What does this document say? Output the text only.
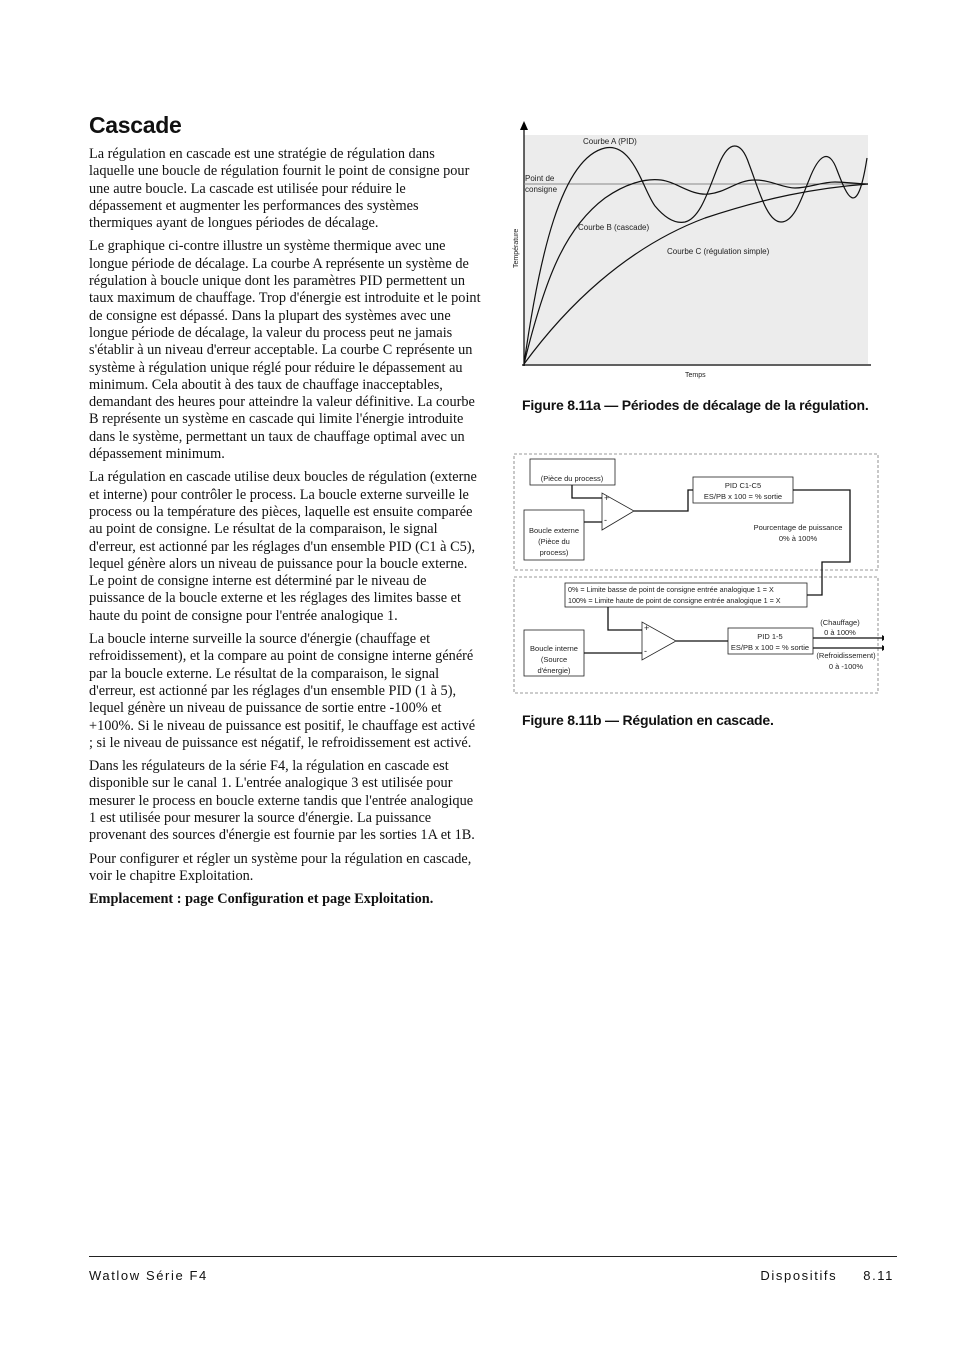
Cascade

La régulation en cascade est une stratégie de régulation dans laquelle une boucle de régulation fournit le point de consigne pour une autre boucle. La cascade est utilisée pour réduire le dépassement et augmenter les performances des systèmes thermiques ayant de longues périodes de décalage.

Le graphique ci-contre illustre un système thermique avec une longue période de décalage. La courbe A représente un système de régulation à boucle unique dont les paramètres PID permettent un taux maximum de chauffage. Trop d'énergie est introduite et le point de consigne est dépassé. Dans la plupart des systèmes avec une longue période de décalage, la valeur du process peut ne jamais s'établir à un niveau d'erreur acceptable. La courbe C représente un système à régulation unique réglé pour réduire le dépassement au minimum. Cela aboutit à des taux de chauffage inacceptables, demandant des heures pour atteindre la valeur définitive. La courbe B représente un système en cascade qui limite l'énergie introduite dans le système, permettant un taux de chauffage optimal avec un dépassement minimum.

La régulation en cascade utilise deux boucles de régulation (externe et interne) pour contrôler le process. La boucle externe surveille le process ou la température des pièces, laquelle est ensuite comparée au point de consigne. Le résultat de la comparaison, le signal d'erreur, est actionné par les réglages d'un ensemble PID (C1 à C5), lequel génère alors un niveau de puissance pour la boucle externe. Le point de consigne interne est déterminé par le niveau de puissance de la boucle externe et les réglages des limites basse et haute du point de consigne pour l'entrée analogique 1.

La boucle interne surveille la source d'énergie (chauffage et refroidissement), et la compare au point de consigne interne généré par la boucle externe. Le résultat de la comparaison, le signal d'erreur, est actionné par les réglages d'un ensemble PID (1 à 5), lequel génère un niveau de puissance de sortie entre -100% et +100%. Si le niveau de puissance est positif, le chauffage est activé ; si le niveau de puissance est négatif, le refroidissement est activé.

Dans les régulateurs de la série F4, la régulation en cascade est disponible sur le canal 1. L'entrée analogique 3 est utilisée pour mesurer le process en boucle externe tandis que l'entrée analogique 1 est utilisée pour mesurer la source d'énergie. La puissance provenant des sources d'énergie est fournie par les sorties 1A et 1B.

Pour configurer et régler un système pour la régulation en cascade, voir le chapitre Exploitation.

Emplacement : page Configuration et page Exploitation.

Courbe A (PID)
Point de
consigne
Courbe B (cascade)
Courbe C (régulation simple)
Temps
Température
Figure 8.11a — Périodes de décalage de la régulation.
(Pièce du process)
Boucle externe
(Pièce du
process)
+
-
PID C1-C5
ES/PB x 100 = % sortie
Pourcentage de puissance
0% à 100%
0% = Limite basse de point de consigne entrée analogique 1 = X
100% = Limite haute de point de consigne entrée analogique 1 = X
Boucle interne
(Source
d'énergie)
+
-
PID 1-5
ES/PB x 100 = % sortie
(Chauffage)
0 à 100%
(Refroidissement)
0 à -100%
Figure 8.11b — Régulation en cascade.
Watlow Série F4	Dispositifs 8.11
